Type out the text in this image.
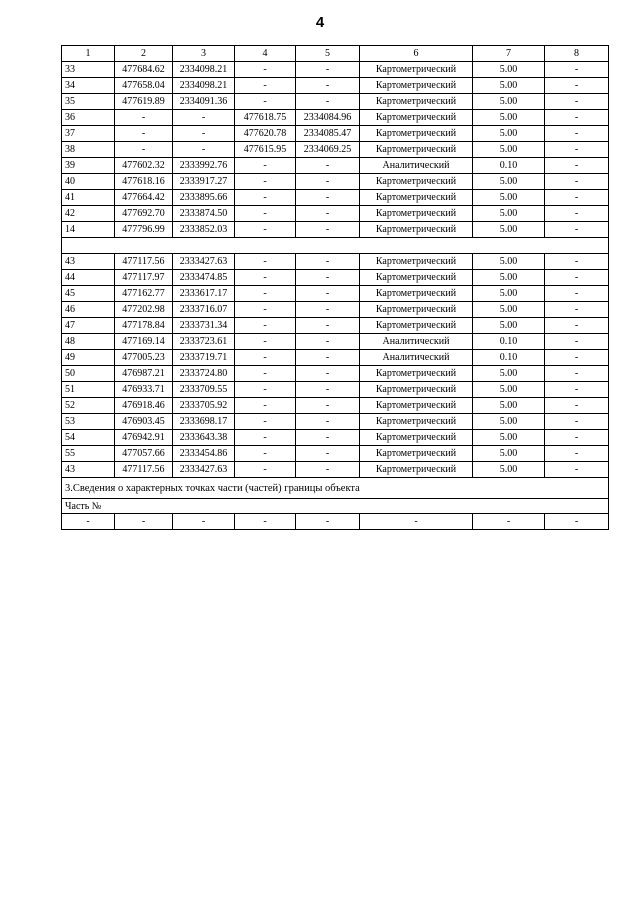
4
1	2	3	4	5	6	7	8
33	477684.62	2334098.21	-	-	Картометрический	5.00	-
34	477658.04	2334098.21	-	-	Картометрический	5.00	-
35	477619.89	2334091.36	-	-	Картометрический	5.00	-
36	-	-	477618.75	2334084.96	Картометрический	5.00	-
37	-	-	477620.78	2334085.47	Картометрический	5.00	-
38	-	-	477615.95	2334069.25	Картометрический	5.00	-
39	477602.32	2333992.76	-	-	Аналитический	0.10	-
40	477618.16	2333917.27	-	-	Картометрический	5.00	-
41	477664.42	2333895.66	-	-	Картометрический	5.00	-
42	477692.70	2333874.50	-	-	Картометрический	5.00	-
14	477796.99	2333852.03	-	-	Картометрический	5.00	-

43	477117.56	2333427.63	-	-	Картометрический	5.00	-
44	477117.97	2333474.85	-	-	Картометрический	5.00	-
45	477162.77	2333617.17	-	-	Картометрический	5.00	-
46	477202.98	2333716.07	-	-	Картометрический	5.00	-
47	477178.84	2333731.34	-	-	Картометрический	5.00	-
48	477169.14	2333723.61	-	-	Аналитический	0.10	-
49	477005.23	2333719.71	-	-	Аналитический	0.10	-
50	476987.21	2333724.80	-	-	Картометрический	5.00	-
51	476933.71	2333709.55	-	-	Картометрический	5.00	-
52	476918.46	2333705.92	-	-	Картометрический	5.00	-
53	476903.45	2333698.17	-	-	Картометрический	5.00	-
54	476942.91	2333643.38	-	-	Картометрический	5.00	-
55	477057.66	2333454.86	-	-	Картометрический	5.00	-
43	477117.56	2333427.63	-	-	Картометрический	5.00	-
3.Сведения о характерных точках части (частей) границы объекта							
Часть №							
-	-	-	-	-	-	-	-
